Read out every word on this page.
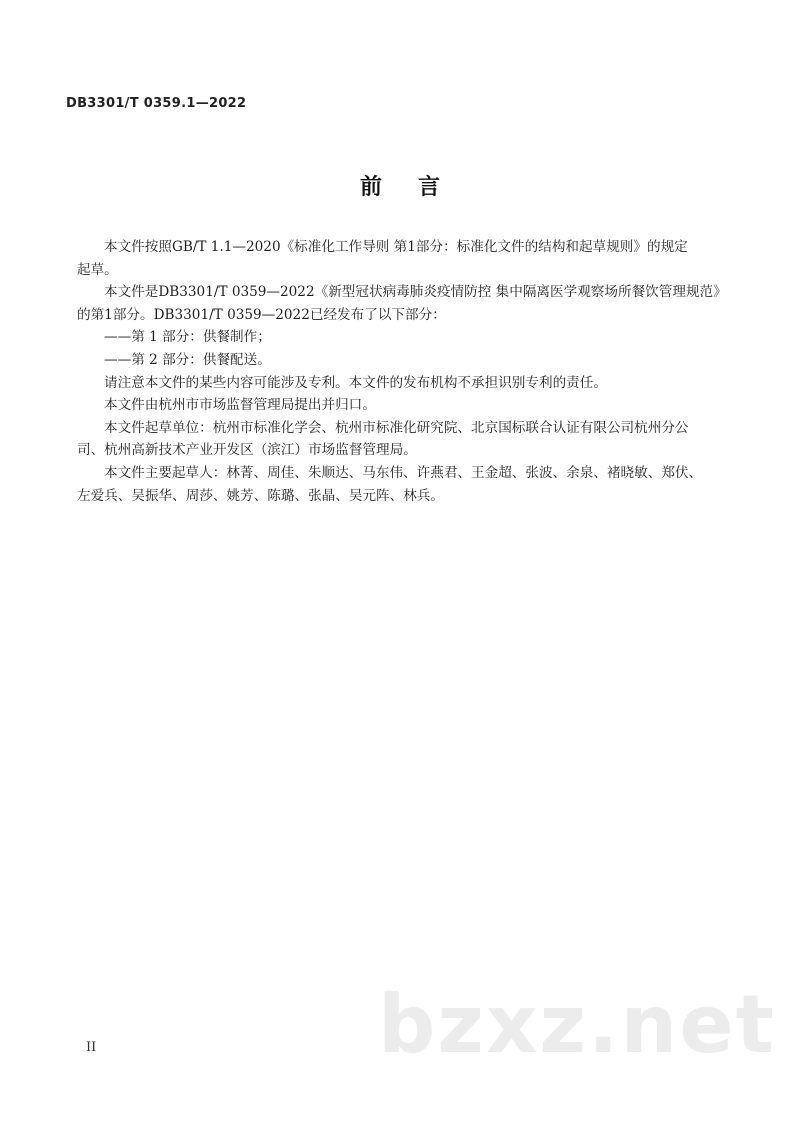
DB3301/T 0359.1—2022
前言

本文件按照GB/T 1.1—2020《标准化工作导则 第1部分：标准化文件的结构和起草规则》的规定

起草。

本文件是DB3301/T 0359—2022《新型冠状病毒肺炎疫情防控 集中隔离医学观察场所餐饮管理规范》

的第1部分。DB3301/T 0359—2022已经发布了以下部分：

——第 1 部分：供餐制作；

——第 2 部分：供餐配送。

请注意本文件的某些内容可能涉及专利。本文件的发布机构不承担识别专利的责任。

本文件由杭州市市场监督管理局提出并归口。

本文件起草单位：杭州市标准化学会、杭州市标准化研究院、北京国标联合认证有限公司杭州分公

司、杭州高新技术产业开发区（滨江）市场监督管理局。

本文件主要起草人：林菁、周佳、朱顺达、马东伟、许燕君、王金超、张波、余泉、褚晓敏、郑伏、

左爱兵、吴振华、周莎、姚芳、陈璐、张晶、吴元阵、林兵。

bzxz.net
II
